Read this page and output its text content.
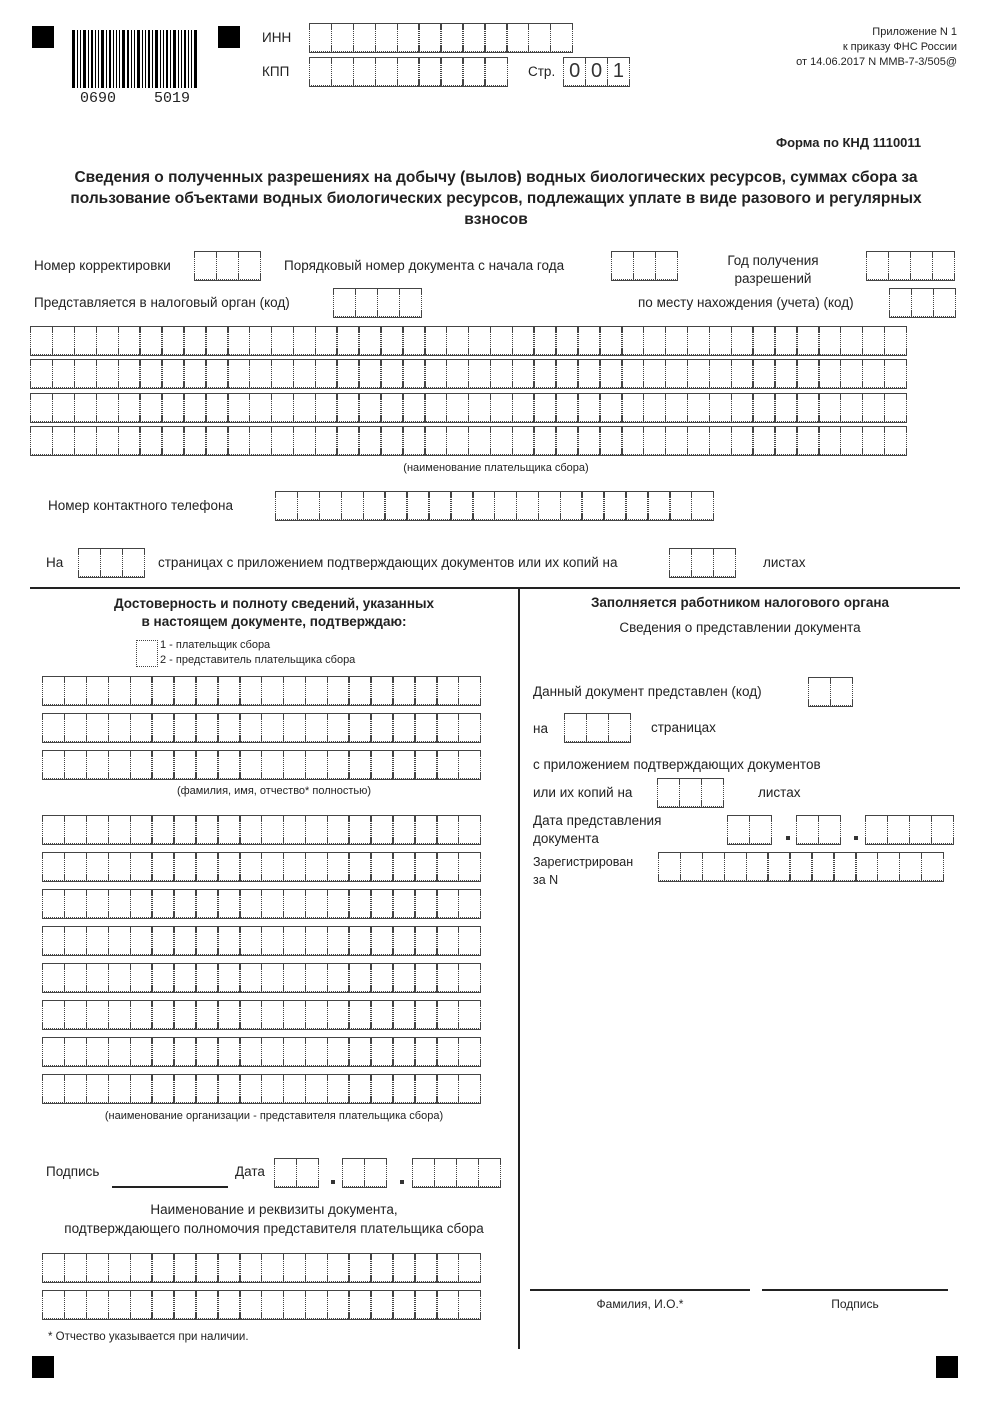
0690	5019
ИНН
КПП	Стр. 0 0 1
Приложение N 1
к приказу ФНС России
от 14.06.2017 N ММВ-7-3/505@
Форма по КНД 1110011
Сведения о полученных разрешениях на добычу (вылов) водных биологических ресурсов, суммах сбора за
пользование объектами водных биологических ресурсов, подлежащих уплате в виде разового и регулярных
взносов
Номер корректировки	Порядковый номер документа с начала года	Год получения
разрешений
Представляется в налоговый орган (код)	по месту нахождения (учета) (код)
(наименование плательщика сбора)
Номер контактного телефона
На	страницах с приложением подтверждающих документов или их копий на	листах
Достоверность и полноту сведений, указанных
в настоящем документе, подтверждаю:
1 - плательщик сбора
2 - представитель плательщика сбора
(фамилия, имя, отчество* полностью)
(наименование организации - представителя плательщика сбора)
Подпись	Дата
Наименование и реквизиты документа,
подтверждающего полномочия представителя плательщика сбора
* Отчество указывается при наличии.
Заполняется работником налогового органа
Сведения о представлении документа
Данный документ представлен (код)
на	страницах
с приложением подтверждающих документов
или их копий на	листах
Дата представления
документа
Зарегистрирован
за N
Фамилия, И.О.*	Подпись
